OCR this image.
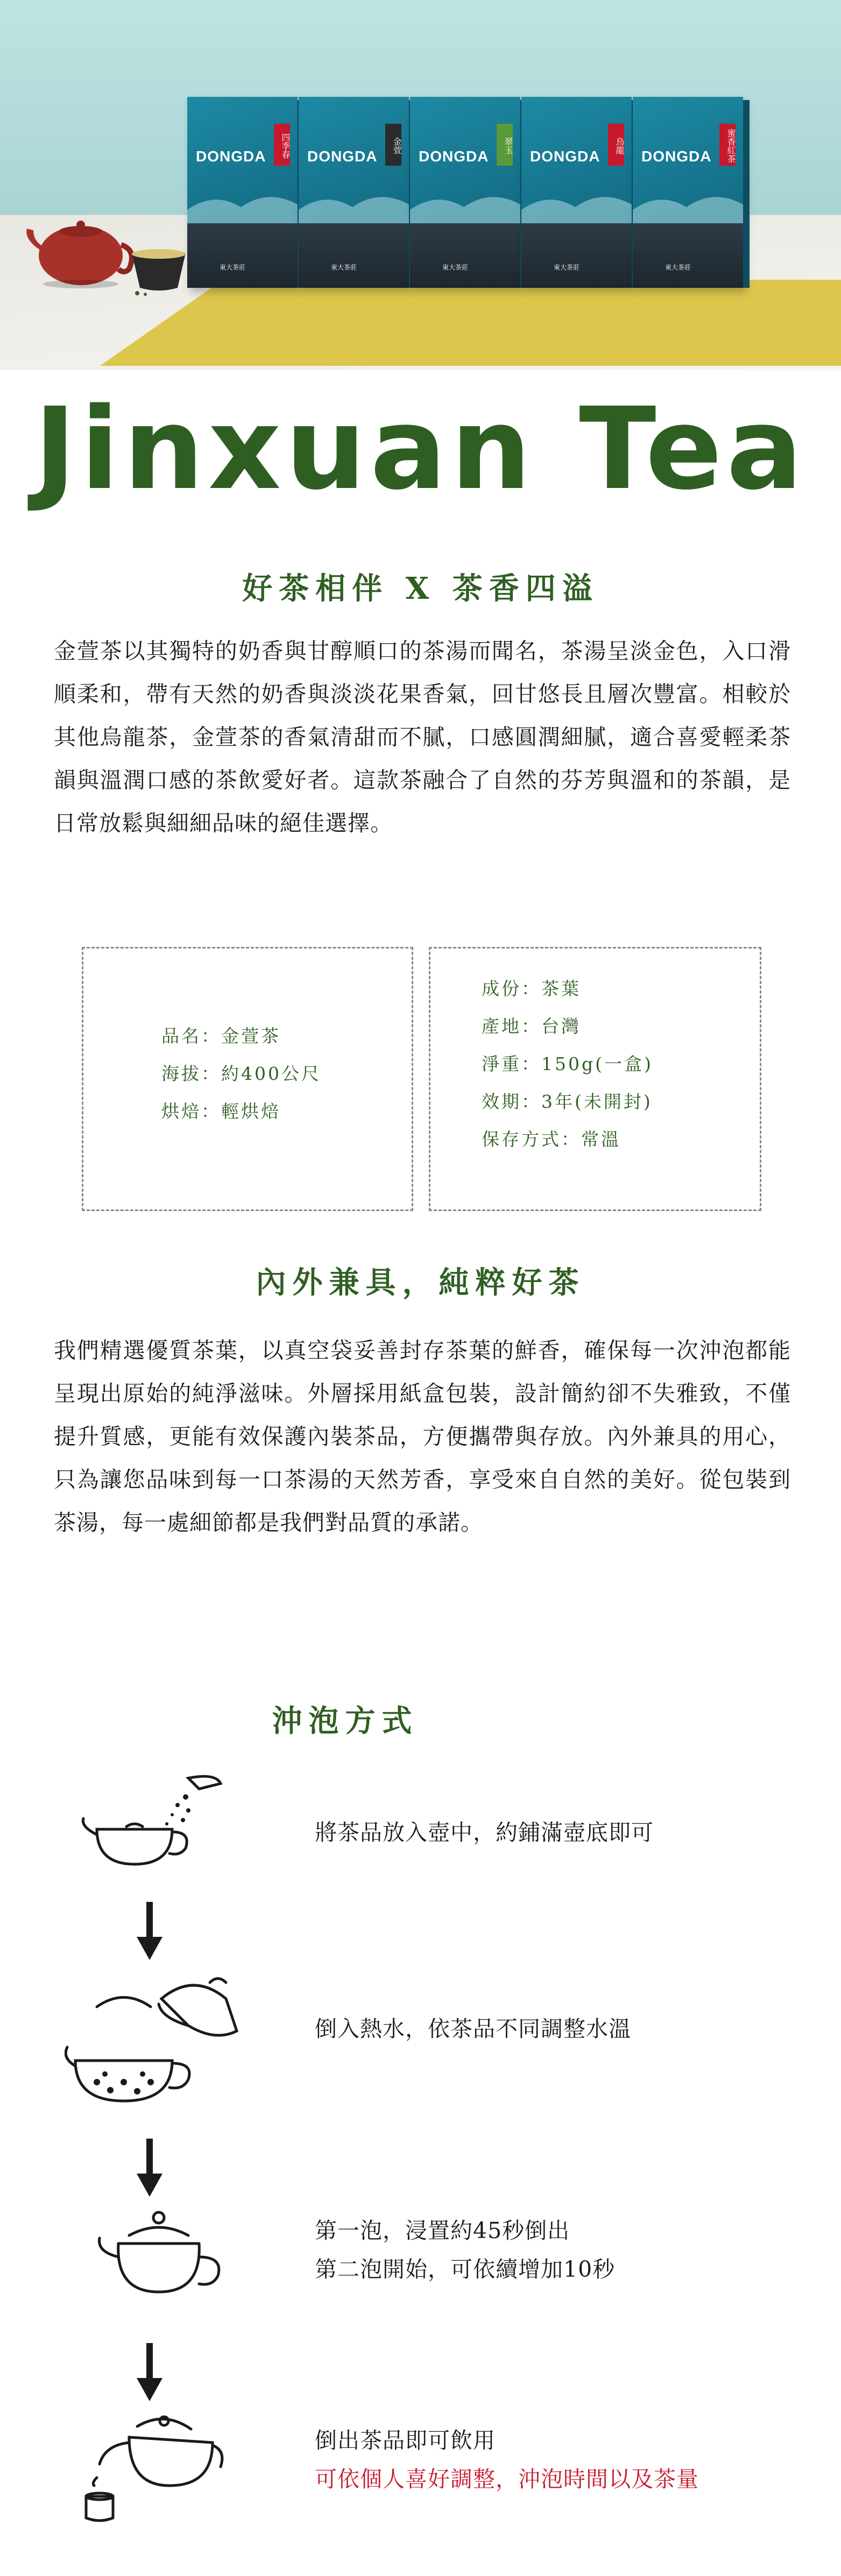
DONGDA	四季春
東大茶莊
DONGDA
金萱
東大茶莊
DONGDA
翠玉
東大茶莊
DONGDA
烏龍
東大茶莊
DONGDA	蜜香紅茶
東大茶莊
Jinxuan Tea
好茶相伴 X 茶香四溢
金萱茶以其獨特的奶香與甘醇順口的茶湯而聞名，茶湯呈淡金色，入口滑順柔和，帶有天然的奶香與淡淡花果香氣，回甘悠長且層次豐富。相較於其他烏龍茶，金萱茶的香氣清甜而不膩，口感圓潤細膩，適合喜愛輕柔茶韻與溫潤口感的茶飲愛好者。這款茶融合了自然的芬芳與溫和的茶韻，是日常放鬆與細細品味的絕佳選擇。
品名：金萱茶
海拔：約400公尺
烘焙：輕烘焙
成份：茶葉
產地：台灣
淨重：150g(一盒)
效期：3年(未開封)
保存方式：常溫
內外兼具，純粹好茶
我們精選優質茶葉，以真空袋妥善封存茶葉的鮮香，確保每一次沖泡都能呈現出原始的純淨滋味。外層採用紙盒包裝，設計簡約卻不失雅致，不僅提升質感，更能有效保護內裝茶品，方便攜帶與存放。內外兼具的用心，只為讓您品味到每一口茶湯的天然芳香，享受來自自然的美好。從包裝到茶湯，每一處細節都是我們對品質的承諾。
沖泡方式
將茶品放入壺中，約鋪滿壺底即可
倒入熱水，依茶品不同調整水溫
第一泡，浸置約45秒倒出
第二泡開始，可依續增加10秒
倒出茶品即可飲用
可依個人喜好調整，沖泡時間以及茶量
